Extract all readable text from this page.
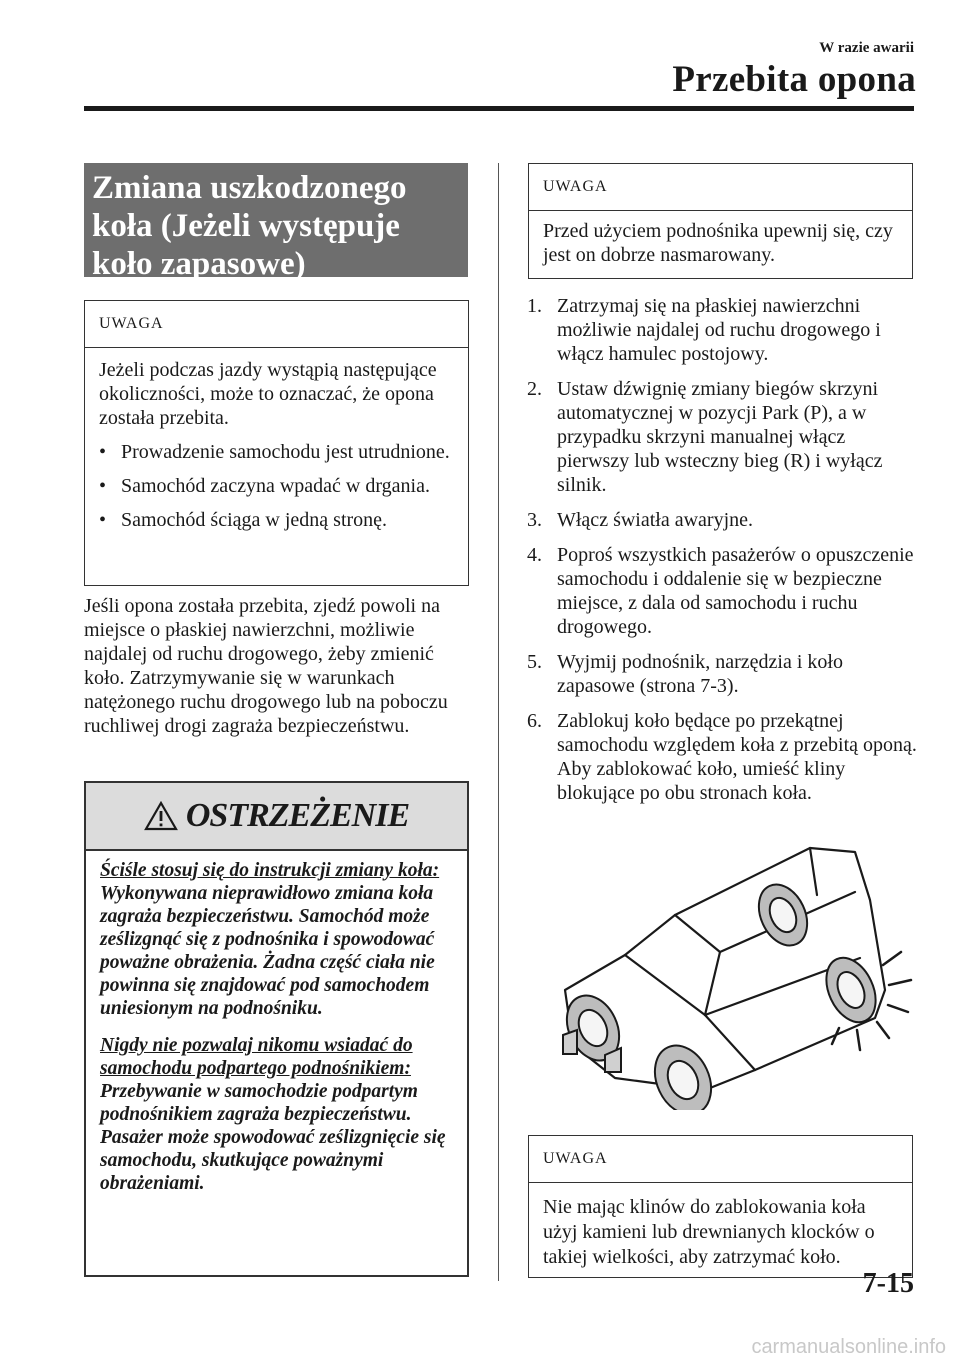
W razie awarii
Przebita opona
Zmiana uszkodzonego koła (Jeżeli występuje koło zapasowe)
UWAGA
Jeżeli podczas jazdy wystąpią następujące okoliczności, może to oznaczać, że opona została przebita.
• Prowadzenie samochodu jest utrudnione.
• Samochód zaczyna wpadać w drgania.
• Samochód ściąga w jedną stronę.
Jeśli opona została przebita, zjedź powoli na miejsce o płaskiej nawierzchni, możliwie najdalej od ruchu drogowego, żeby zmienić koło. Zatrzymywanie się w warunkach natężonego ruchu drogowego lub na poboczu ruchliwej drogi zagraża bezpieczeństwu.
OSTRZEŻENIE

Ściśle stosuj się do instrukcji zmiany koła:
Wykonywana nieprawidłowo zmiana koła zagraża bezpieczeństwu. Samochód może ześlizgnąć się z podnośnika i spowodować poważne obrażenia. Żadna część ciała nie powinna się znajdować pod samochodem uniesionym na podnośniku.

Nigdy nie pozwalaj nikomu wsiadać do samochodu podpartego podnośnikiem:
Przebywanie w samochodzie podpartym podnośnikiem zagraża bezpieczeństwu. Pasażer może spowodować ześlizgnięcie się samochodu, skutkujące poważnymi obrażeniami.

UWAGA
Przed użyciem podnośnika upewnij się, czy jest on dobrze nasmarowany.
1. Zatrzymaj się na płaskiej nawierzchni możliwie najdalej od ruchu drogowego i włącz hamulec postojowy.
2. Ustaw dźwignię zmiany biegów skrzyni automatycznej w pozycji Park (P), a w przypadku skrzyni manualnej włącz pierwszy lub wsteczny bieg (R) i wyłącz silnik.
3. Włącz światła awaryjne.
4. Poproś wszystkich pasażerów o opuszczenie samochodu i oddalenie się w bezpieczne miejsce, z dala od samochodu i ruchu drogowego.
5. Wyjmij podnośnik, narzędzia i koło zapasowe (strona 7-3).
6. Zablokuj koło będące po przekątnej samochodu względem koła z przebitą oponą. Aby zablokować koło, umieść kliny blokujące po obu stronach koła.
UWAGA
Nie mając klinów do zablokowania koła użyj kamieni lub drewnianych klocków o takiej wielkości, aby zatrzymać koło.
7-15
carmanualsonline.info
